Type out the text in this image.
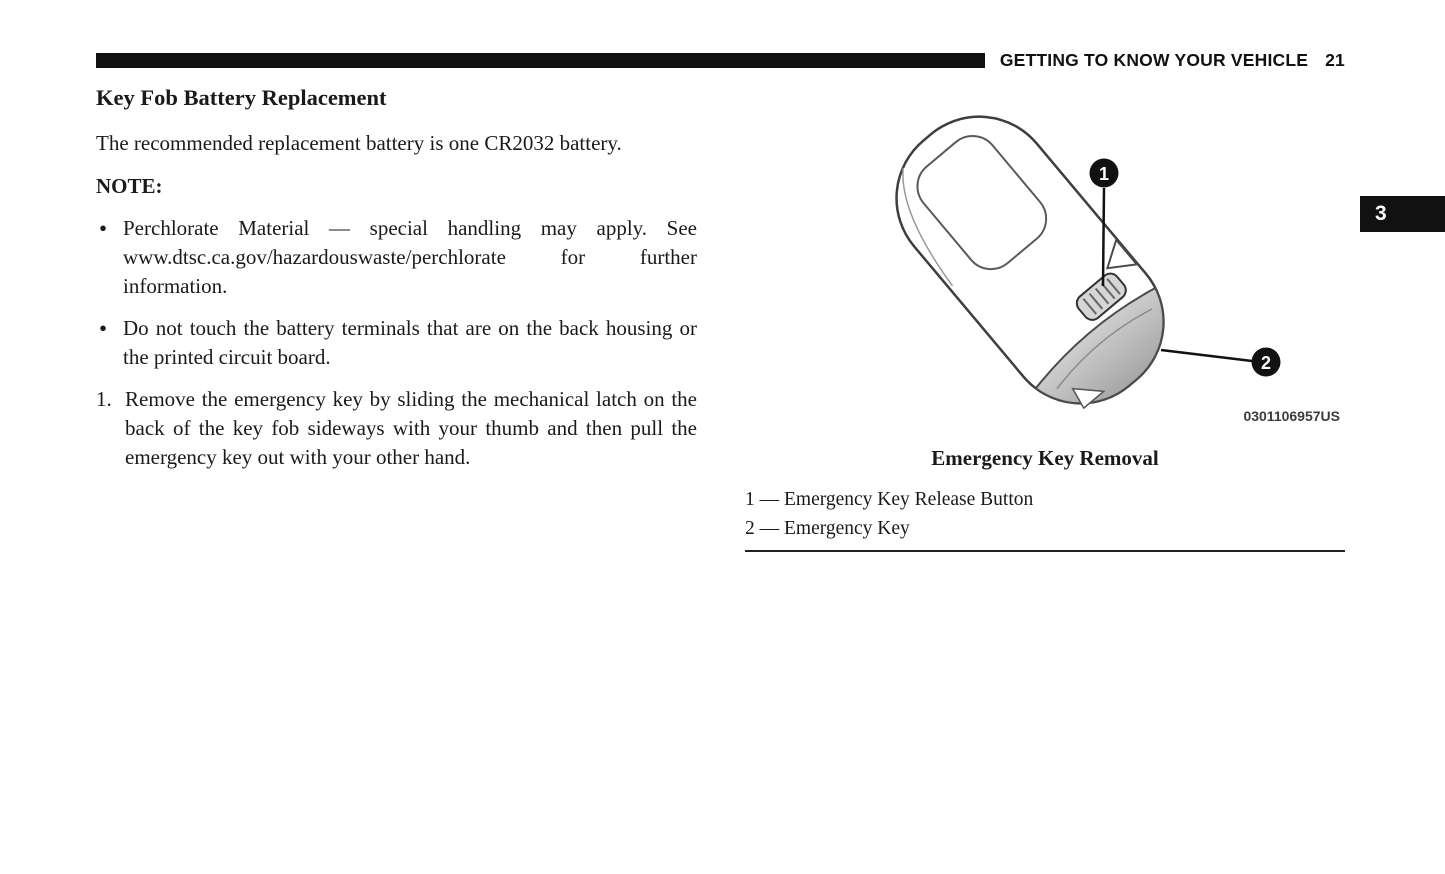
GETTING TO KNOW YOUR VEHICLE 21
3
Key Fob Battery Replacement

The recommended replacement battery is one CR2032 battery.

NOTE:
• Perchlorate Material — special handling may apply. See www.dtsc.ca.gov/hazardouswaste/perchlorate for further information.
• Do not touch the battery terminals that are on the back housing or the printed circuit board.
1. Remove the emergency key by sliding the mechanical latch on the back of the key fob sideways with your thumb and then pull the emergency key out with your other hand.
1
2
0301106957US
Emergency Key Removal
1 — Emergency Key Release Button
2 — Emergency Key
